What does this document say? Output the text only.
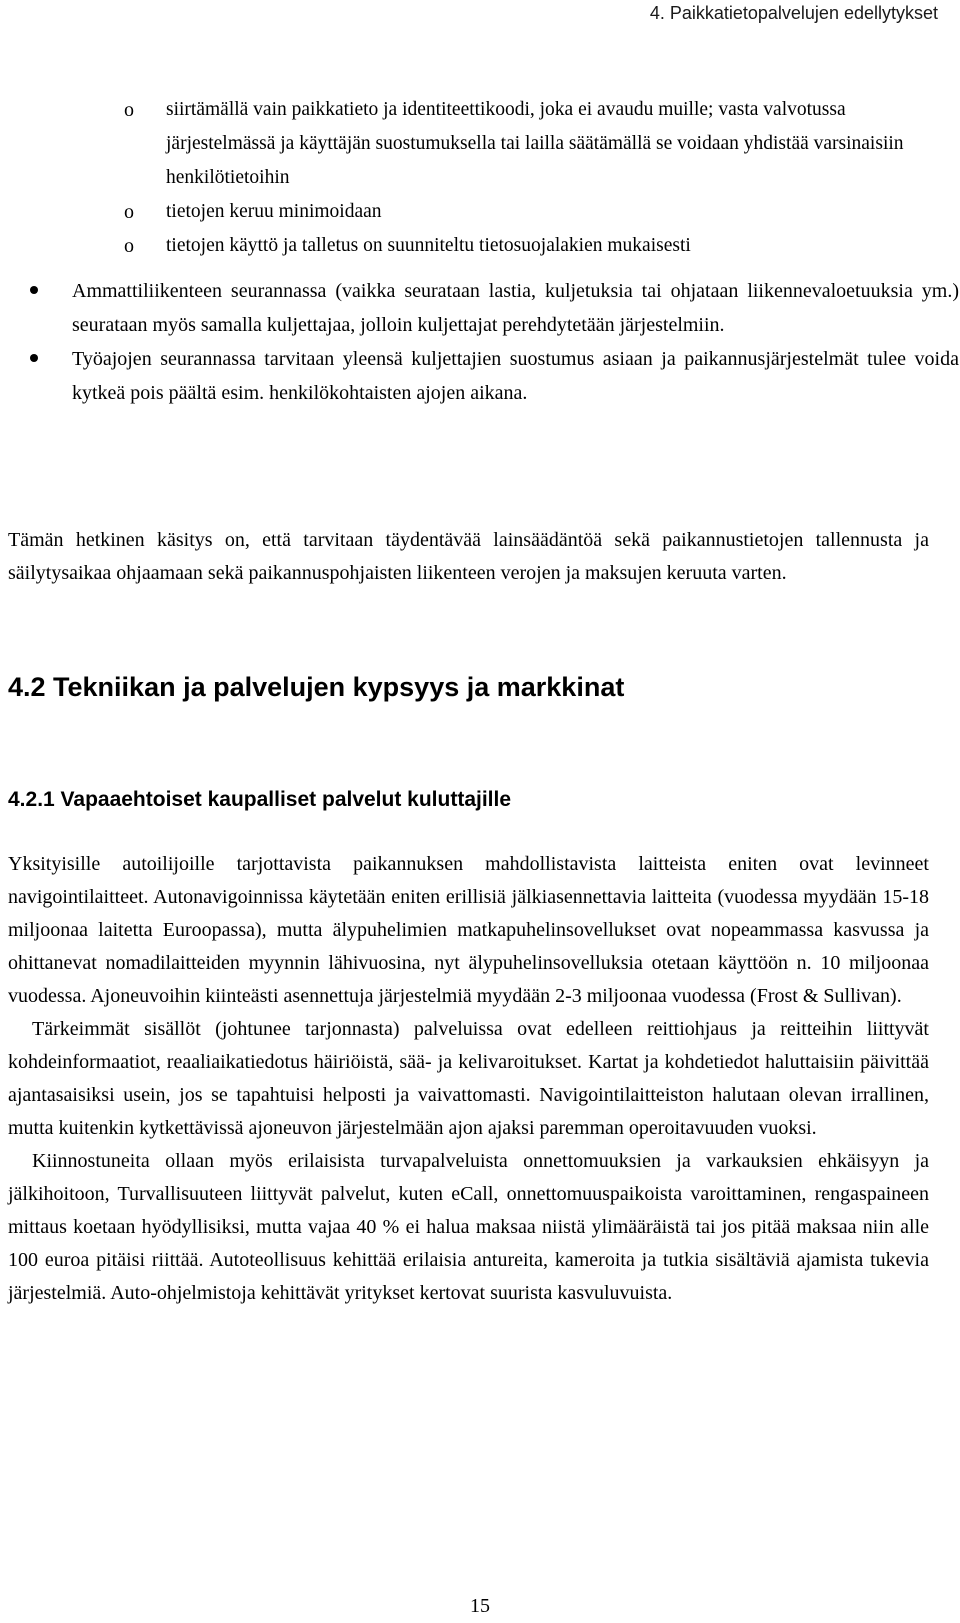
4. Paikkatietopalvelujen edellytykset
o siirtämällä vain paikkatieto ja identiteettikoodi, joka ei avaudu muille; vasta valvotussa järjestelmässä ja käyttäjän suostumuksella tai lailla säätämällä se voidaan yhdistää varsinaisiin henkilötietoihin
o tietojen keruu minimoidaan
o tietojen käyttö ja talletus on suunniteltu tietosuojalakien mukaisesti
Ammattiliikenteen seurannassa (vaikka seurataan lastia, kuljetuksia tai ohjataan liikennevaloetuuksia ym.) seurataan myös samalla kuljettajaa, jolloin kuljettajat perehdytetään järjestelmiin.
Työajojen seurannassa tarvitaan yleensä kuljettajien suostumus asiaan ja paikannusjärjestelmät tulee voida kytkeä pois päältä esim. henkilökohtaisten ajojen aikana.

Tämän hetkinen käsitys on, että tarvitaan täydentävää lainsäädäntöä sekä paikannustietojen tallennusta ja säilytysaikaa ohjaamaan sekä paikannuspohjaisten liikenteen verojen ja maksujen keruuta varten.

4.2 Tekniikan ja palvelujen kypsyys ja markkinat
4.2.1 Vapaaehtoiset kaupalliset palvelut kuluttajille

Yksityisille autoilijoille tarjottavista paikannuksen mahdollistavista laitteista eniten ovat levinneet navigointilaitteet. Autonavigoinnissa käytetään eniten erillisiä jälkiasennettavia laitteita (vuodessa myydään 15-18 miljoonaa laitetta Euroopassa), mutta älypuhelimien matkapuhelinsovellukset ovat nopeammassa kasvussa ja ohittanevat nomadilaitteiden myynnin lähivuosina, nyt älypuhelinsovelluksia otetaan käyttöön n. 10 miljoonaa vuodessa. Ajoneuvoihin kiinteästi asennettuja järjestelmiä myydään 2-3 miljoonaa vuodessa (Frost & Sullivan).

Tärkeimmät sisällöt (johtunee tarjonnasta) palveluissa ovat edelleen reittiohjaus ja reitteihin liittyvät kohdeinformaatiot, reaaliaikatiedotus häiriöistä, sää- ja kelivaroitukset. Kartat ja kohdetiedot haluttaisiin päivittää ajantasaisiksi usein, jos se tapahtuisi helposti ja vaivattomasti. Navigointilaitteiston halutaan olevan irrallinen, mutta kuitenkin kytkettävissä ajoneuvon järjestelmään ajon ajaksi paremman operoitavuuden vuoksi.

Kiinnostuneita ollaan myös erilaisista turvapalveluista onnettomuuksien ja varkauksien ehkäisyyn ja jälkihoitoon, Turvallisuuteen liittyvät palvelut, kuten eCall, onnettomuuspaikoista varoittaminen, rengaspaineen mittaus koetaan hyödyllisiksi, mutta vajaa 40 % ei halua maksaa niistä ylimääräistä tai jos pitää maksaa niin alle 100 euroa pitäisi riittää. Autoteollisuus kehittää erilaisia antureita, kameroita ja tutkia sisältäviä ajamista tukevia järjestelmiä. Auto-ohjelmistoja kehittävät yritykset kertovat suurista kasvuluvuista.

15
